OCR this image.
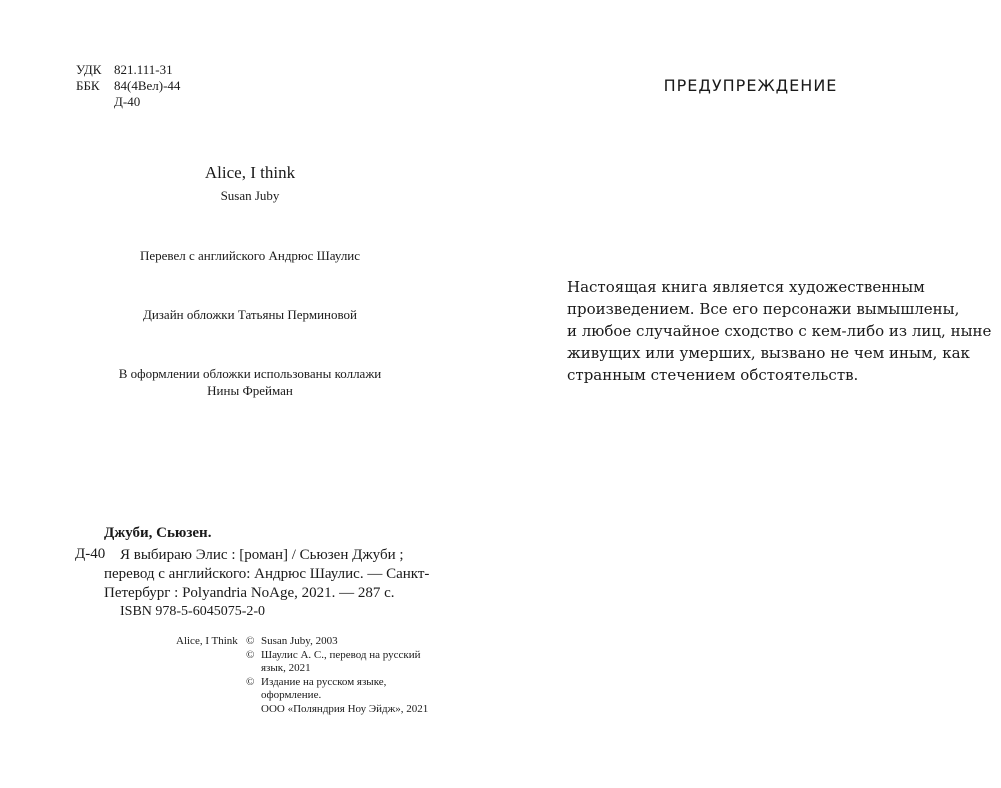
УДК 821.111-31
ББК	84(4Вел)-44
Д-40
Alice, I think
Susan Juby
Перевел с английского Андрюс Шаулис
Дизайн обложки Татьяны Перминовой
В оформлении обложки использованы коллажи
Нины Фрейман
Джуби, Сьюзен.
Д-40 Я выбираю Элис : [роман] / Сьюзен Джуби ;
перевод с английского: Андрюс Шаулис. — Санкт-
Петербург : Polyandria NoAge, 2021. — 287 с.
ISBN 978-5-6045075-2-0
Alice, I Think © Susan Juby, 2003
© Шаулис А. С., перевод на русский
язык, 2021
© Издание на русском языке,
оформление.
ООО «Поляндрия Ноу Эйдж», 2021
ПРЕДУПРЕЖДЕНИЕ
Настоящая книга является художественным
произведением. Все его персонажи вымышлены,
и любое случайное сходство с кем-либо из лиц, ныне
живущих или умерших, вызвано не чем иным, как
странным стечением обстоятельств.
